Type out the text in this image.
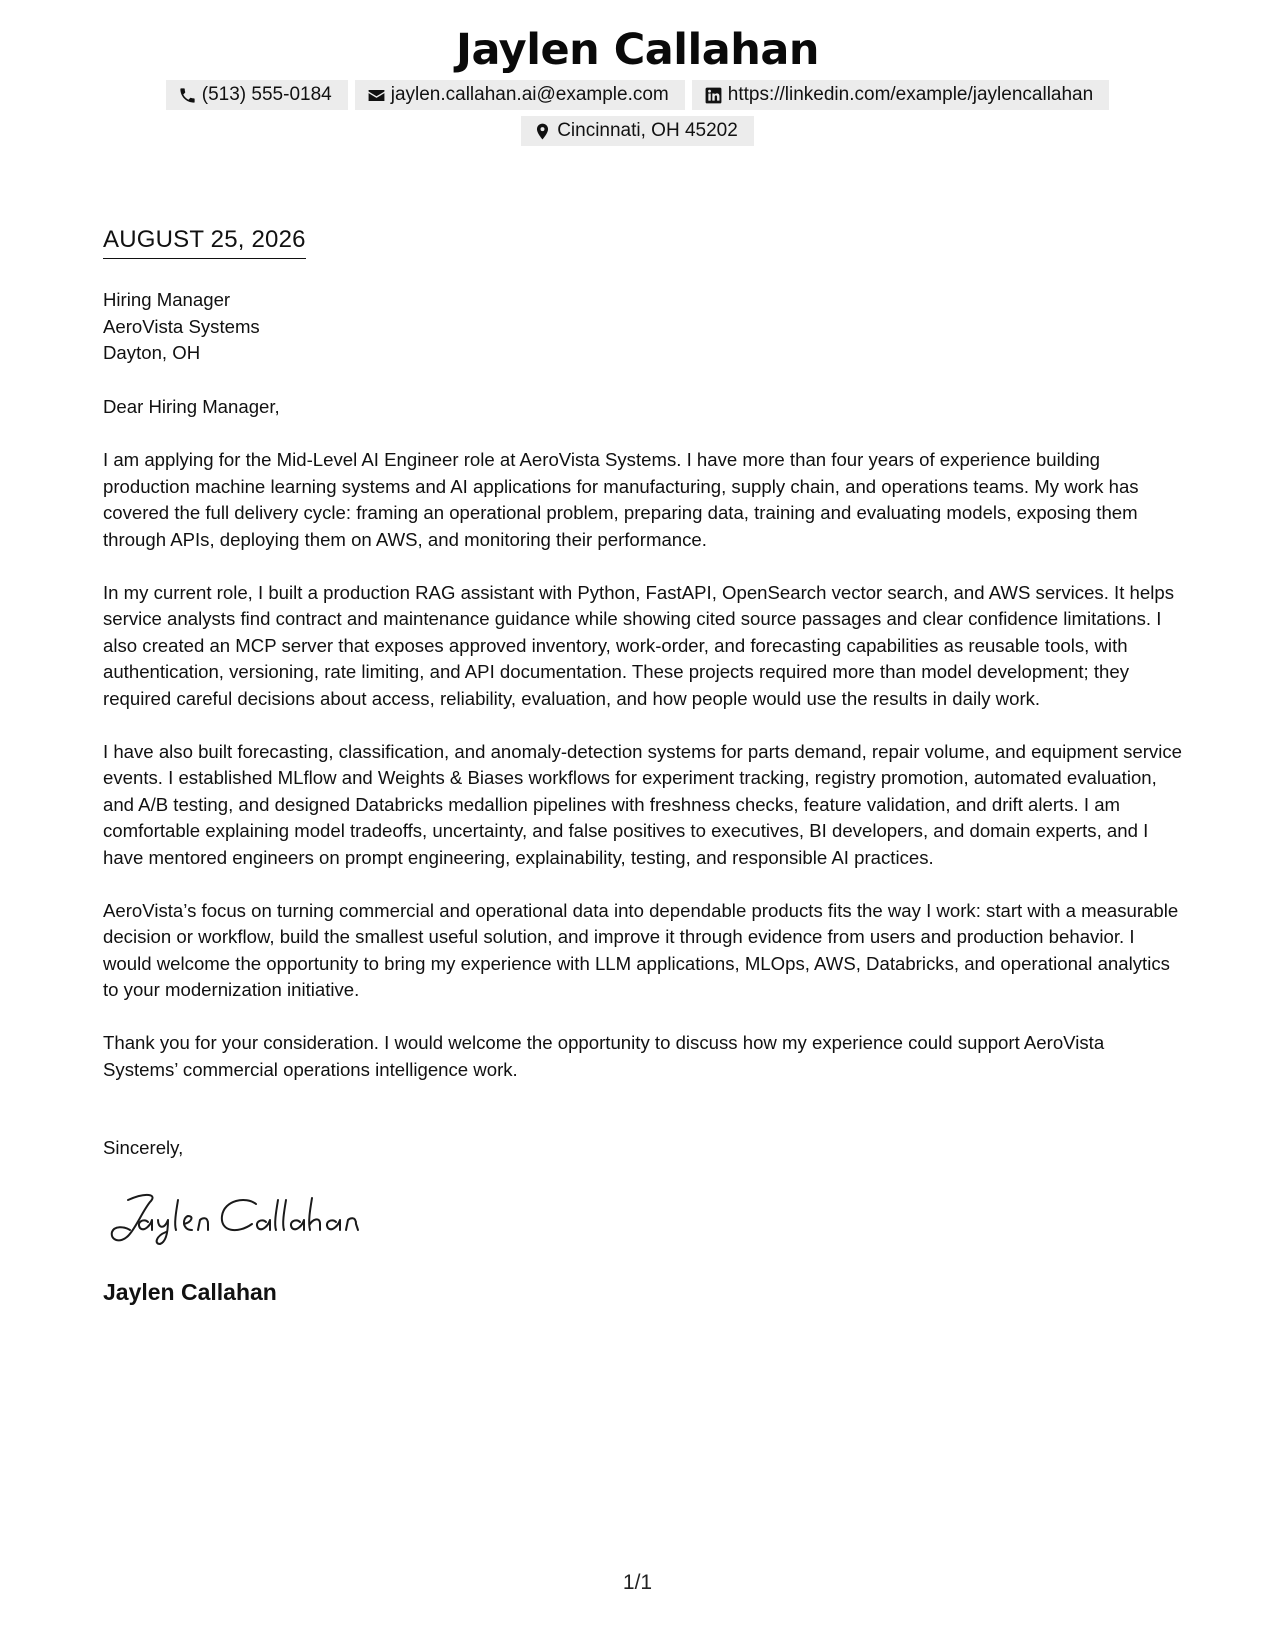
Jaylen Callahan
(513) 555-0184	jaylen.callahan.ai@example.com	https://linkedin.com/example/jaylencallahan
Cincinnati, OH 45202
AUGUST 25, 2026
Hiring Manager
AeroVista Systems
Dayton, OH

Dear Hiring Manager,

I am applying for the Mid-Level AI Engineer role at AeroVista Systems. I have more than four years of experience building production machine learning systems and AI applications for manufacturing, supply chain, and operations teams. My work has covered the full delivery cycle: framing an operational problem, preparing data, training and evaluating models, exposing them through APIs, deploying them on AWS, and monitoring their performance.

In my current role, I built a production RAG assistant with Python, FastAPI, OpenSearch vector search, and AWS services. It helps service analysts find contract and maintenance guidance while showing cited source passages and clear confidence limitations. I also created an MCP server that exposes approved inventory, work-order, and forecasting capabilities as reusable tools, with authentication, versioning, rate limiting, and API documentation. These projects required more than model development; they required careful decisions about access, reliability, evaluation, and how people would use the results in daily work.

I have also built forecasting, classification, and anomaly-detection systems for parts demand, repair volume, and equipment service events. I established MLflow and Weights & Biases workflows for experiment tracking, registry promotion, automated evaluation, and A/B testing, and designed Databricks medallion pipelines with freshness checks, feature validation, and drift alerts. I am comfortable explaining model tradeoffs, uncertainty, and false positives to executives, BI developers, and domain experts, and I have mentored engineers on prompt engineering, explainability, testing, and responsible AI practices.

AeroVista’s focus on turning commercial and operational data into dependable products fits the way I work: start with a measurable decision or workflow, build the smallest useful solution, and improve it through evidence from users and production behavior. I would welcome the opportunity to bring my experience with LLM applications, MLOps, AWS, Databricks, and operational analytics to your modernization initiative.

Thank you for your consideration. I would welcome the opportunity to discuss how my experience could support AeroVista Systems’ commercial operations intelligence work.

Sincerely,
Jaylen Callahan
1/1
